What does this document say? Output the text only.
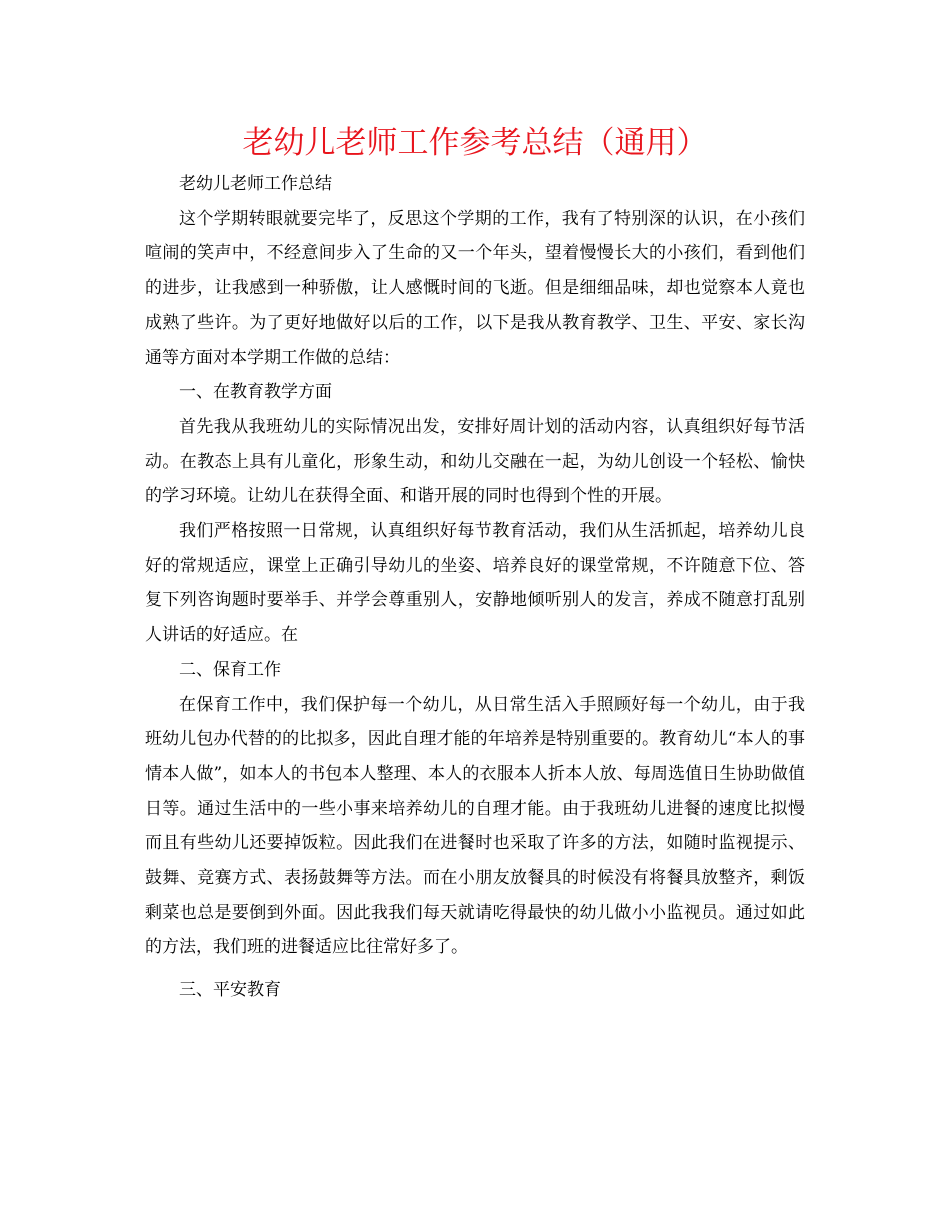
老幼儿老师工作参考总结（通用）

老幼儿老师工作总结

这个学期转眼就要完毕了，反思这个学期的工作，我有了特别深的认识，在小孩们喧闹的笑声中，不经意间步入了生命的又一个年头，望着慢慢长大的小孩们，看到他们的进步，让我感到一种骄傲，让人感慨时间的飞逝。但是细细品味，却也觉察本人竟也成熟了些许。为了更好地做好以后的工作，以下是我从教育教学、卫生、平安、家长沟通等方面对本学期工作做的总结：

一、在教育教学方面

首先我从我班幼儿的实际情况出发，安排好周计划的活动内容，认真组织好每节活动。在教态上具有儿童化，形象生动，和幼儿交融在一起，为幼儿创设一个轻松、愉快的学习环境。让幼儿在获得全面、和谐开展的同时也得到个性的开展。

我们严格按照一日常规，认真组织好每节教育活动，我们从生活抓起，培养幼儿良好的常规适应，课堂上正确引导幼儿的坐姿、培养良好的课堂常规，不许随意下位、答复下列咨询题时要举手、并学会尊重别人，安静地倾听别人的发言，养成不随意打乱别人讲话的好适应。在

二、保育工作

在保育工作中，我们保护每一个幼儿，从日常生活入手照顾好每一个幼儿，由于我班幼儿包办代替的的比拟多，因此自理才能的年培养是特别重要的。教育幼儿“本人的事情本人做”，如本人的书包本人整理、本人的衣服本人折本人放、每周选值日生协助做值日等。通过生活中的一些小事来培养幼儿的自理才能。由于我班幼儿进餐的速度比拟慢而且有些幼儿还要掉饭粒。因此我们在进餐时也采取了许多的方法，如随时监视提示、鼓舞、竞赛方式、表扬鼓舞等方法。而在小朋友放餐具的时候没有将餐具放整齐，剩饭剩菜也总是要倒到外面。因此我我们每天就请吃得最快的幼儿做小小监视员。通过如此的方法，我们班的进餐适应比往常好多了。

三、平安教育
